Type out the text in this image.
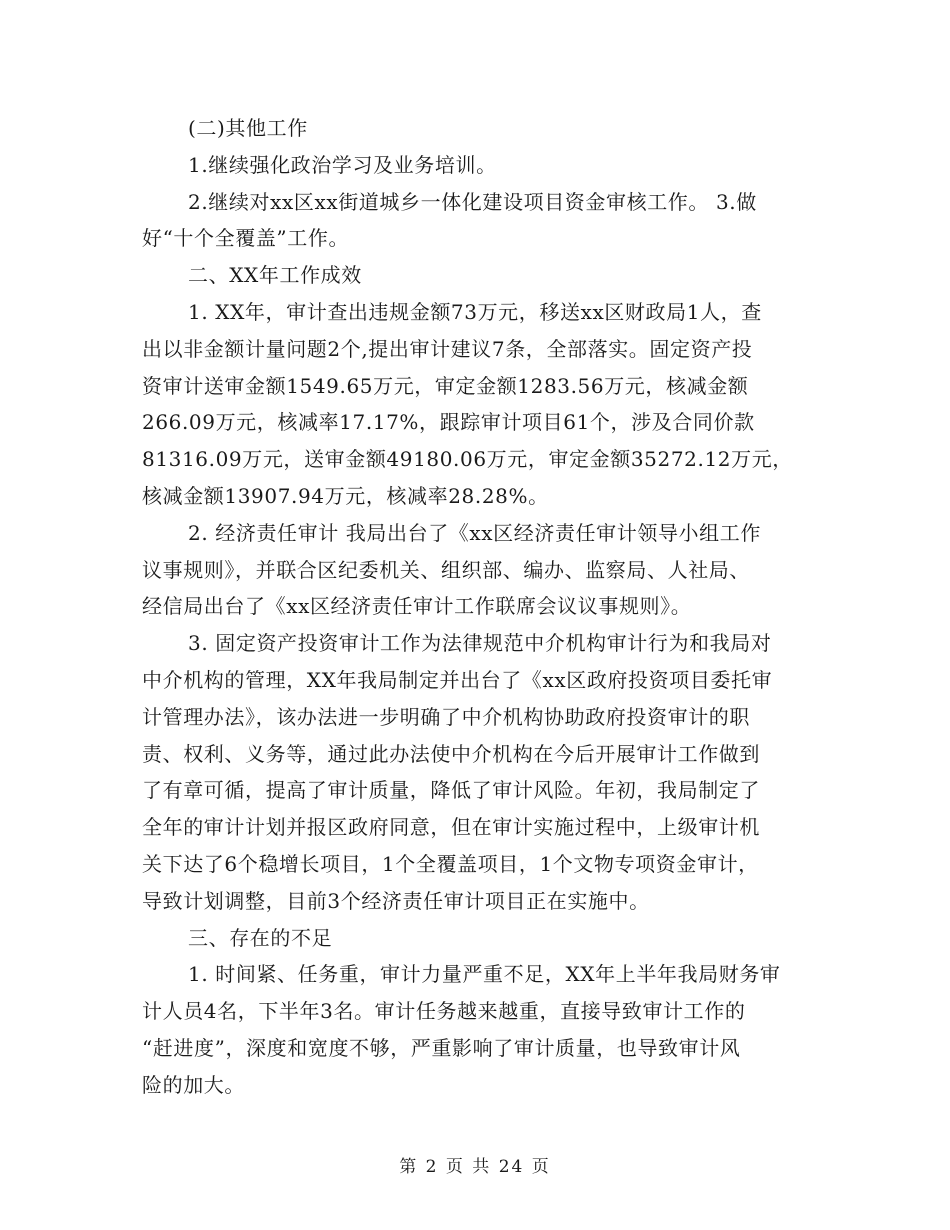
(二)其他工作
1.继续强化政治学习及业务培训。
2.继续对xx区xx街道城乡一体化建设项目资金审核工作。 3.做
好“十个全覆盖”工作。
二、XX年工作成效
1. XX年，审计查出违规金额73万元，移送xx区财政局1人，查
出以非金额计量问题2个,提出审计建议7条，全部落实。固定资产投
资审计送审金额1549.65万元，审定金额1283.56万元，核减金额
266.09万元，核减率17.17%，跟踪审计项目61个，涉及合同价款
81316.09万元，送审金额49180.06万元，审定金额35272.12万元，
核减金额13907.94万元，核减率28.28%。
2. 经济责任审计 我局出台了《xx区经济责任审计领导小组工作
议事规则》，并联合区纪委机关、组织部、编办、监察局、人社局、
经信局出台了《xx区经济责任审计工作联席会议议事规则》。
3. 固定资产投资审计工作为法律规范中介机构审计行为和我局对
中介机构的管理，XX年我局制定并出台了《xx区政府投资项目委托审
计管理办法》，该办法进一步明确了中介机构协助政府投资审计的职
责、权利、义务等，通过此办法使中介机构在今后开展审计工作做到
了有章可循，提高了审计质量，降低了审计风险。年初，我局制定了
全年的审计计划并报区政府同意，但在审计实施过程中，上级审计机
关下达了6个稳增长项目，1个全覆盖项目，1个文物专项资金审计，
导致计划调整，目前3个经济责任审计项目正在实施中。
三、存在的不足
1. 时间紧、任务重，审计力量严重不足，XX年上半年我局财务审
计人员4名，下半年3名。审计任务越来越重，直接导致审计工作的
“赶进度”，深度和宽度不够，严重影响了审计质量，也导致审计风
险的加大。
第 2 页 共 24 页
